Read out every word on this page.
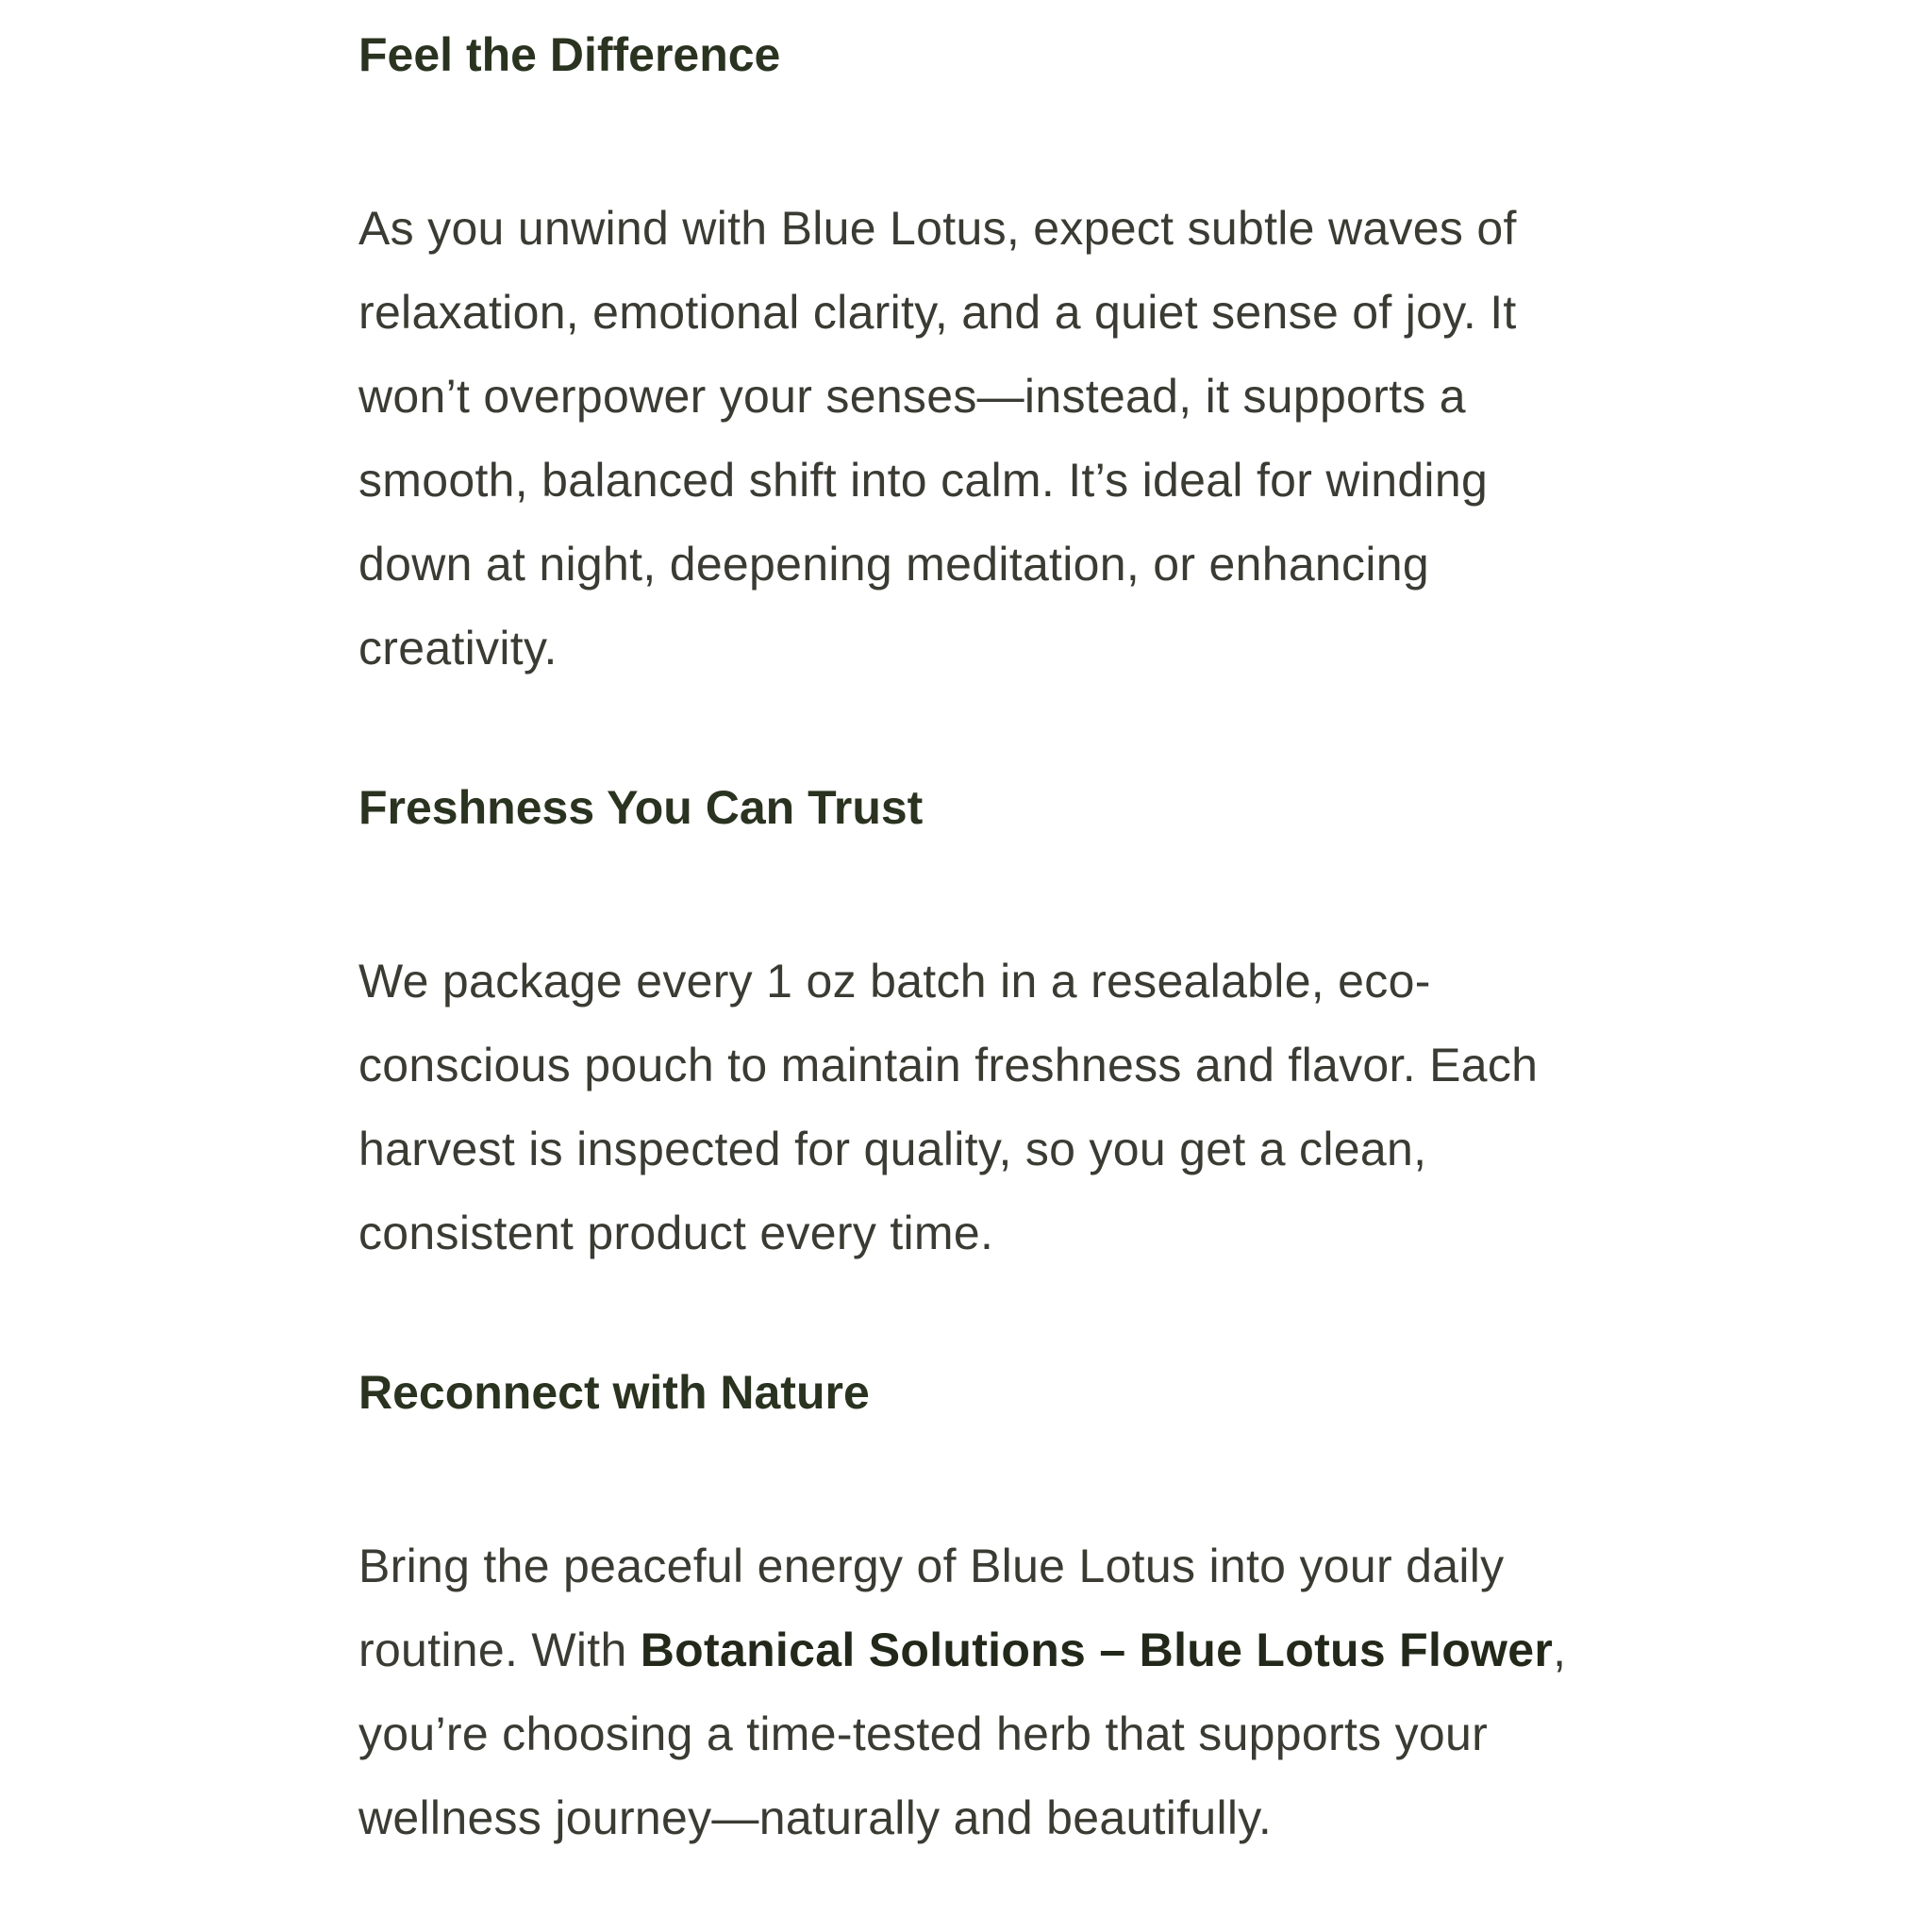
Feel the Difference

As you unwind with Blue Lotus, expect subtle waves of relaxation, emotional clarity, and a quiet sense of joy. It won’t overpower your senses—instead, it supports a smooth, balanced shift into calm. It’s ideal for winding down at night, deepening meditation, or enhancing creativity.

Freshness You Can Trust

We package every 1 oz batch in a resealable, eco-conscious pouch to maintain freshness and flavor. Each harvest is inspected for quality, so you get a clean, consistent product every time.

Reconnect with Nature

Bring the peaceful energy of Blue Lotus into your daily routine. With Botanical Solutions – Blue Lotus Flower, you’re choosing a time-tested herb that supports your wellness journey—naturally and beautifully.
